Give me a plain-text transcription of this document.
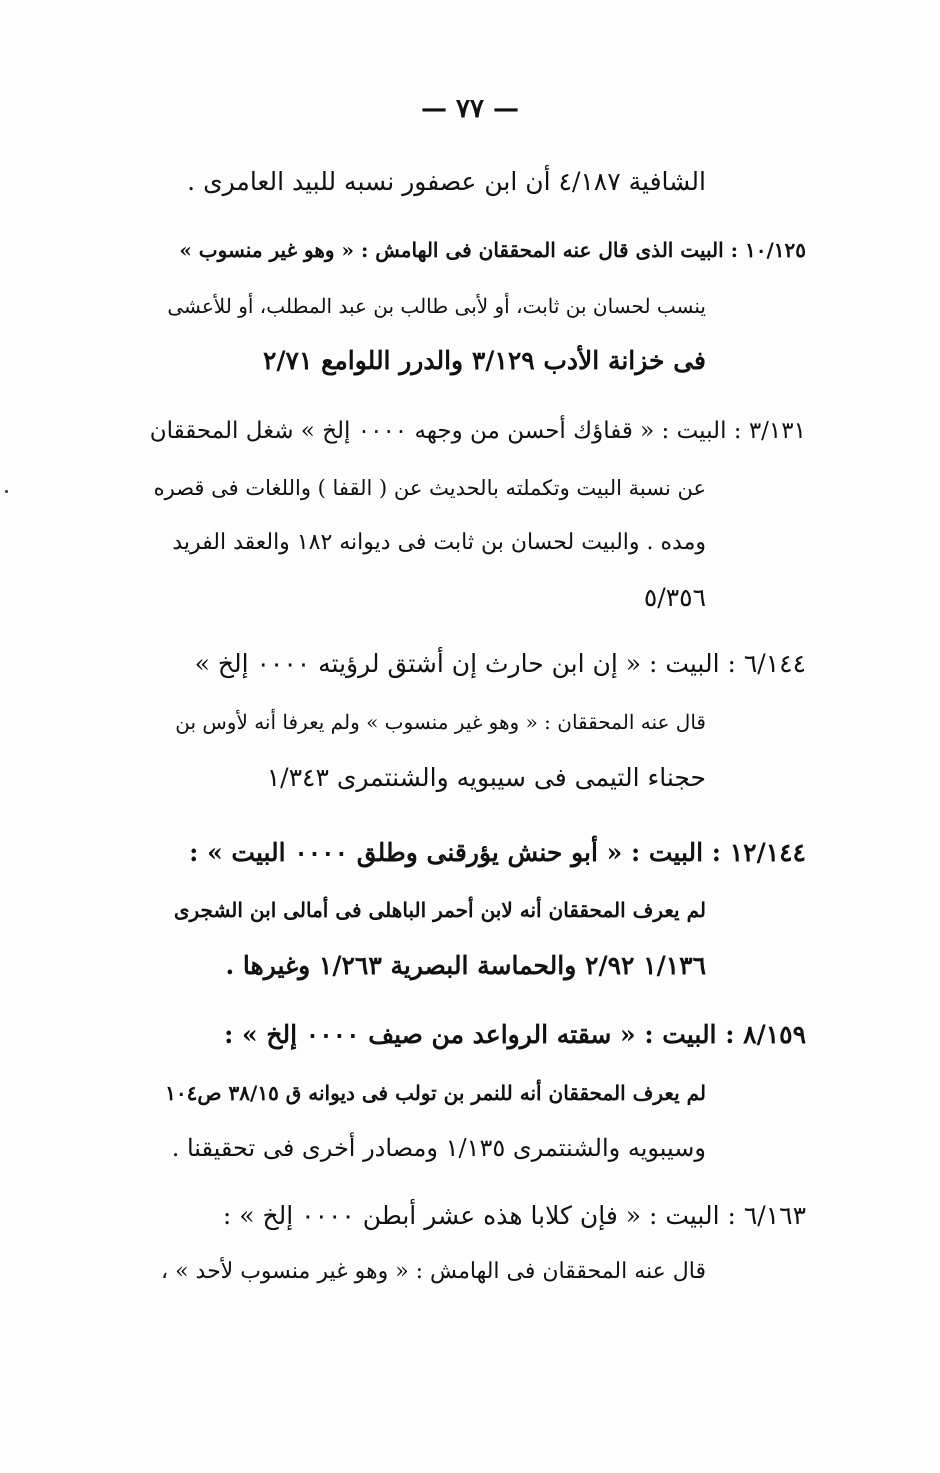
— ٧٧ —
الشافية ٤/١٨٧ أن ابن عصفور نسبه للبيد العامرى .
١٠/١٢٥ : البيت الذى قال عنه المحققان فى الهامش : « وهو غير منسوب »
ينسب لحسان بن ثابت، أو لأبى طالب بن عبد المطلب، أو للأعشى
فى خزانة الأدب ٣/١٢٩ والدرر اللوامع ٢/٧١
٣/١٣١ : البيت : « قفاؤك أحسن من وجهه ٠٠٠٠ إلخ » شغل المحققان
عن نسبة البيت وتكملته بالحديث عن ( القفا ) واللغات فى قصره
ومده . والبيت لحسان بن ثابت فى ديوانه ١٨٢ والعقد الفريد
٥/٣٥٦
٦/١٤٤ : البيت : « إن ابن حارث إن أشتق لرؤيته ٠٠٠٠ إلخ »
قال عنه المحققان : « وهو غير منسوب » ولم يعرفا أنه لأوس بن
حجناء التيمى فى سيبويه والشنتمرى ١/٣٤٣
١٢/١٤٤ : البيت : « أبو حنش يؤرقنى وطلق ٠٠٠٠ البيت » :
لم يعرف المحققان أنه لابن أحمر الباهلى فى أمالى ابن الشجرى
١/١٣٦ ٢/٩٢ والحماسة البصرية ١/٢٦٣ وغيرها .
٨/١٥٩ : البيت : « سقته الرواعد من صيف ٠٠٠٠ إلخ » :
لم يعرف المحققان أنه للنمر بن تولب فى ديوانه ق ٣٨/١٥ ص١٠٤
وسيبويه والشنتمرى ١/١٣٥ ومصادر أخرى فى تحقيقنا .
٦/١٦٣ : البيت : « فإن كلابا هذه عشر أبطن ٠٠٠٠ إلخ » :
قال عنه المحققان فى الهامش : « وهو غير منسوب لأحد » ،
